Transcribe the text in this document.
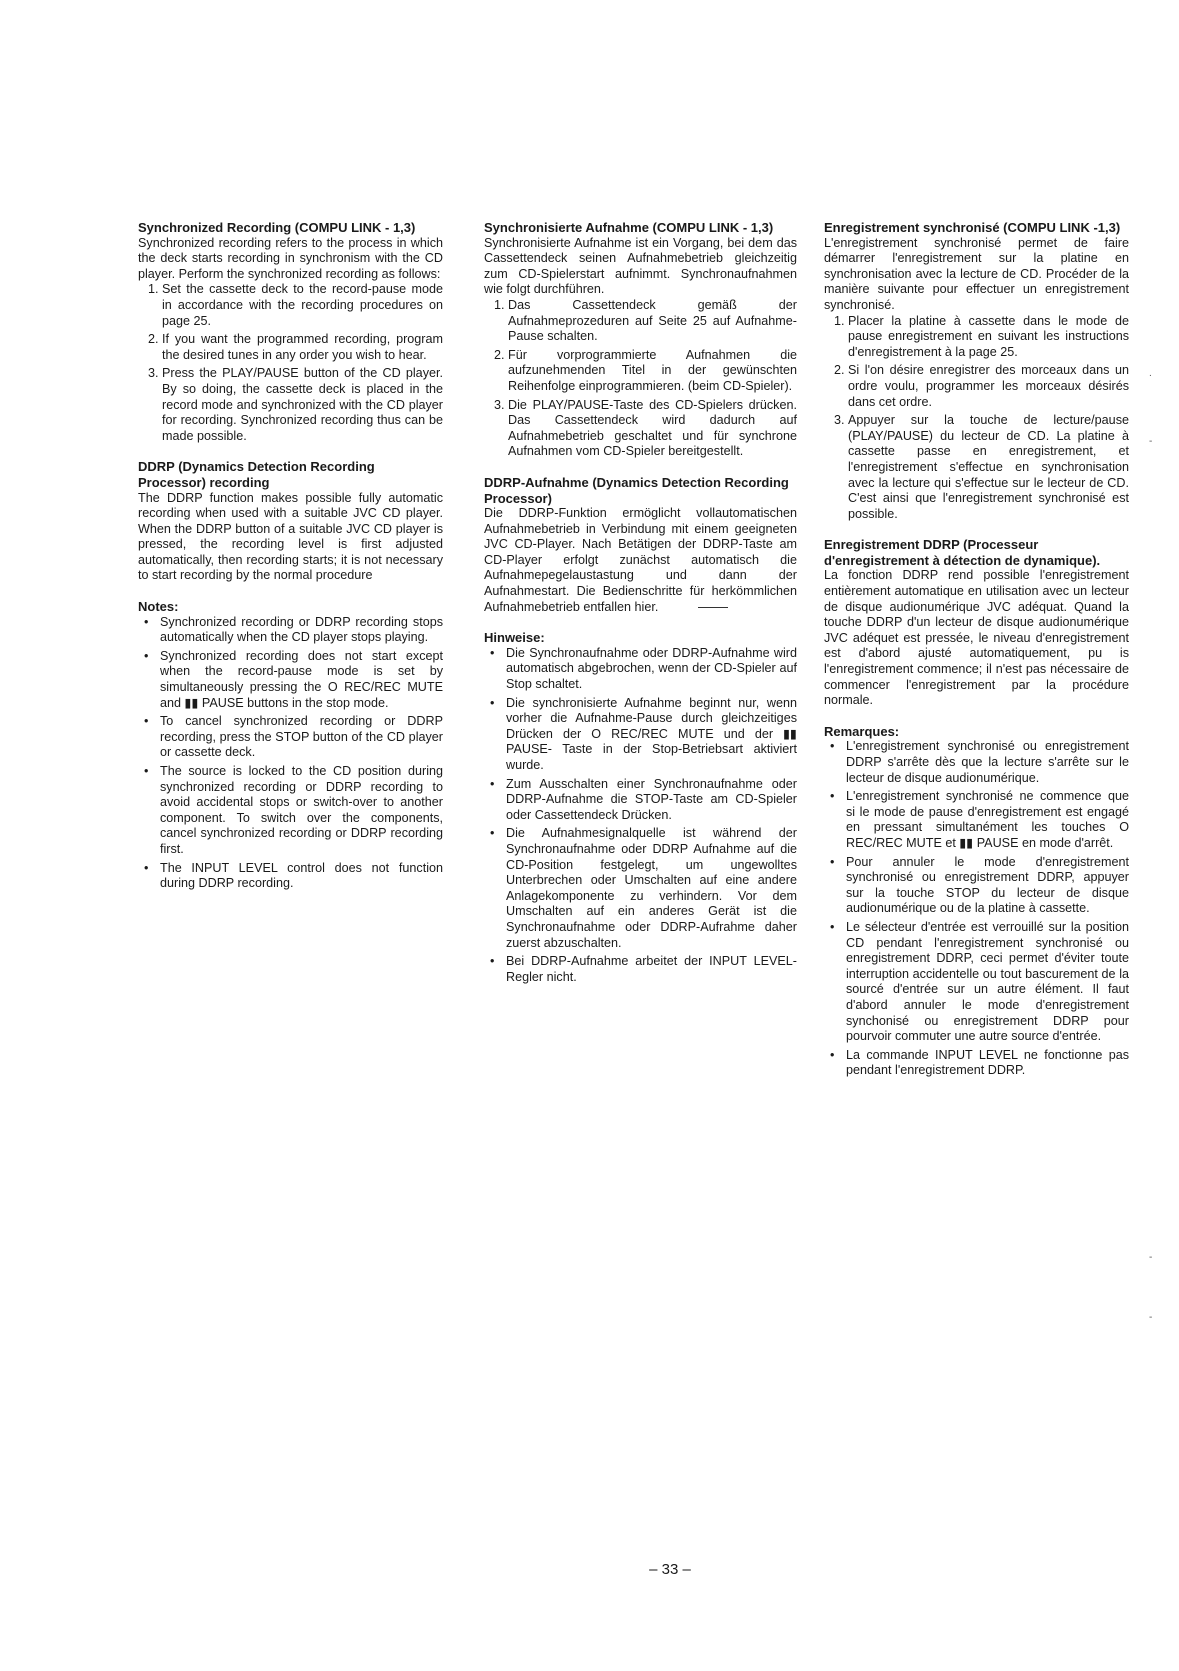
Synchronized Recording (COMPU LINK - 1,3)

Synchronized recording refers to the process in which the deck starts recording in synchronism with the CD player. Perform the synchronized recording as follows:

1. Set the cassette deck to the record-pause mode in accordance with the recording procedures on page 25.
2. If you want the programmed recording, program the desired tunes in any order you wish to hear.
3. Press the PLAY/PAUSE button of the CD player. By so doing, the cassette deck is placed in the record mode and synchronized with the CD player for recording. Synchronized recording thus can be made possible.
DDRP (Dynamics Detection Recording Processor) recording

The DDRP function makes possible fully automatic recording when used with a suitable JVC CD player. When the DDRP button of a suitable JVC CD player is pressed, the recording level is first adjusted automatically, then recording starts; it is not necessary to start recording by the normal procedure

Notes:
• Synchronized recording or DDRP recording stops automatically when the CD player stops playing.
• Synchronized recording does not start except when the record-pause mode is set by simultaneously pressing the O REC/REC MUTE and ▮▮ PAUSE buttons in the stop mode.
• To cancel synchronized recording or DDRP recording, press the STOP button of the CD player or cassette deck.
• The source is locked to the CD position during synchronized recording or DDRP recording to avoid accidental stops or switch-over to another component. To switch over the components, cancel synchronized recording or DDRP recording first.
• The INPUT LEVEL control does not function during DDRP recording.
Synchronisierte Aufnahme (COMPU LINK - 1,3)

Synchronisierte Aufnahme ist ein Vorgang, bei dem das Cassettendeck seinen Aufnahmebetrieb gleichzeitig zum CD-Spielerstart aufnimmt. Synchronaufnahmen wie folgt durchführen.

1. Das Cassettendeck gemäß der Aufnahmeprozeduren auf Seite 25 auf Aufnahme-Pause schalten.
2. Für vorprogrammierte Aufnahmen die aufzunehmenden Titel in der gewünschten Reihenfolge einprogrammieren. (beim CD-Spieler).
3. Die PLAY/PAUSE-Taste des CD-Spielers drücken. Das Cassettendeck wird dadurch auf Aufnahmebetrieb geschaltet und für synchrone Aufnahmen vom CD-Spieler bereitgestellt.
DDRP-Aufnahme (Dynamics Detection Recording Processor)

Die DDRP-Funktion ermöglicht vollautomatischen Aufnahmebetrieb in Verbindung mit einem geeigneten JVC CD-Player. Nach Betätigen der DDRP-Taste am CD-Player erfolgt zunächst automatisch die Aufnahmepegelaustastung und dann der Aufnahmestart. Die Bedienschritte für herkömmlichen Aufnahmebetrieb entfallen hier.

Hinweise:
• Die Synchronaufnahme oder DDRP-Aufnahme wird automatisch abgebrochen, wenn der CD-Spieler auf Stop schaltet.
• Die synchronisierte Aufnahme beginnt nur, wenn vorher die Aufnahme-Pause durch gleichzeitiges Drücken der O REC/REC MUTE und der ▮▮ PAUSE- Taste in der Stop-Betriebsart aktiviert wurde.
• Zum Ausschalten einer Synchronaufnahme oder DDRP-Aufnahme die STOP-Taste am CD-Spieler oder Cassettendeck Drücken.
• Die Aufnahmesignalquelle ist während der Synchronaufnahme oder DDRP Aufnahme auf die CD-Position festgelegt, um ungewolltes Unterbrechen oder Umschalten auf eine andere Anlagekomponente zu verhindern. Vor dem Umschalten auf ein anderes Gerät ist die Synchronaufnahme oder DDRP-Aufrahme daher zuerst abzuschalten.
• Bei DDRP-Aufnahme arbeitet der INPUT LEVEL-Regler nicht.
Enregistrement synchronisé (COMPU LINK -1,3)

L'enregistrement synchronisé permet de faire démarrer l'enregistrement sur la platine en synchronisation avec la lecture de CD. Procéder de la manière suivante pour effectuer un enregistrement synchronisé.

1. Placer la platine à cassette dans le mode de pause enregistrement en suivant les instructions d'enregistrement à la page 25.
2. Si l'on désire enregistrer des morceaux dans un ordre voulu, programmer les morceaux désirés dans cet ordre.
3. Appuyer sur la touche de lecture/pause (PLAY/PAUSE) du lecteur de CD. La platine à cassette passe en enregistrement, et l'enregistrement s'effectue en synchronisation avec la lecture qui s'effectue sur le lecteur de CD. C'est ainsi que l'enregistrement synchronisé est possible.
Enregistrement DDRP (Processeur d'enregistrement à détection de dynamique).

La fonction DDRP rend possible l'enregistrement entièrement automatique en utilisation avec un lecteur de disque audionumérique JVC adéquat. Quand la touche DDRP d'un lecteur de disque audionumérique JVC adéquet est pressée, le niveau d'enregistrement est d'abord ajusté automatiquement, pu is l'enregistrement commence; il n'est pas nécessaire de commencer l'enregistrement par la procédure normale.

Remarques:
• L'enregistrement synchronisé ou enregistrement DDRP s'arrête dès que la lecture s'arrête sur le lecteur de disque audionumérique.
• L'enregistrement synchronisé ne commence que si le mode de pause d'enregistrement est engagé en pressant simultanément les touches O REC/REC MUTE et ▮▮ PAUSE en mode d'arrêt.
• Pour annuler le mode d'enregistrement synchronisé ou enregistrement DDRP, appuyer sur la touche STOP du lecteur de disque audionumérique ou de la platine à cassette.
• Le sélecteur d'entrée est verrouillé sur la position CD pendant l'enregistrement synchronisé ou enregistrement DDRP, ceci permet d'éviter toute interruption accidentelle ou tout bascurement de la sourcé d'entrée sur un autre élément. Il faut d'abord annuler le mode d'enregistrement synchonisé ou enregistrement DDRP pour pourvoir commuter une autre source d'entrée.
• La commande INPUT LEVEL ne fonctionne pas pendant l'enregistrement DDRP.
– 33 –
.
-
-
-
